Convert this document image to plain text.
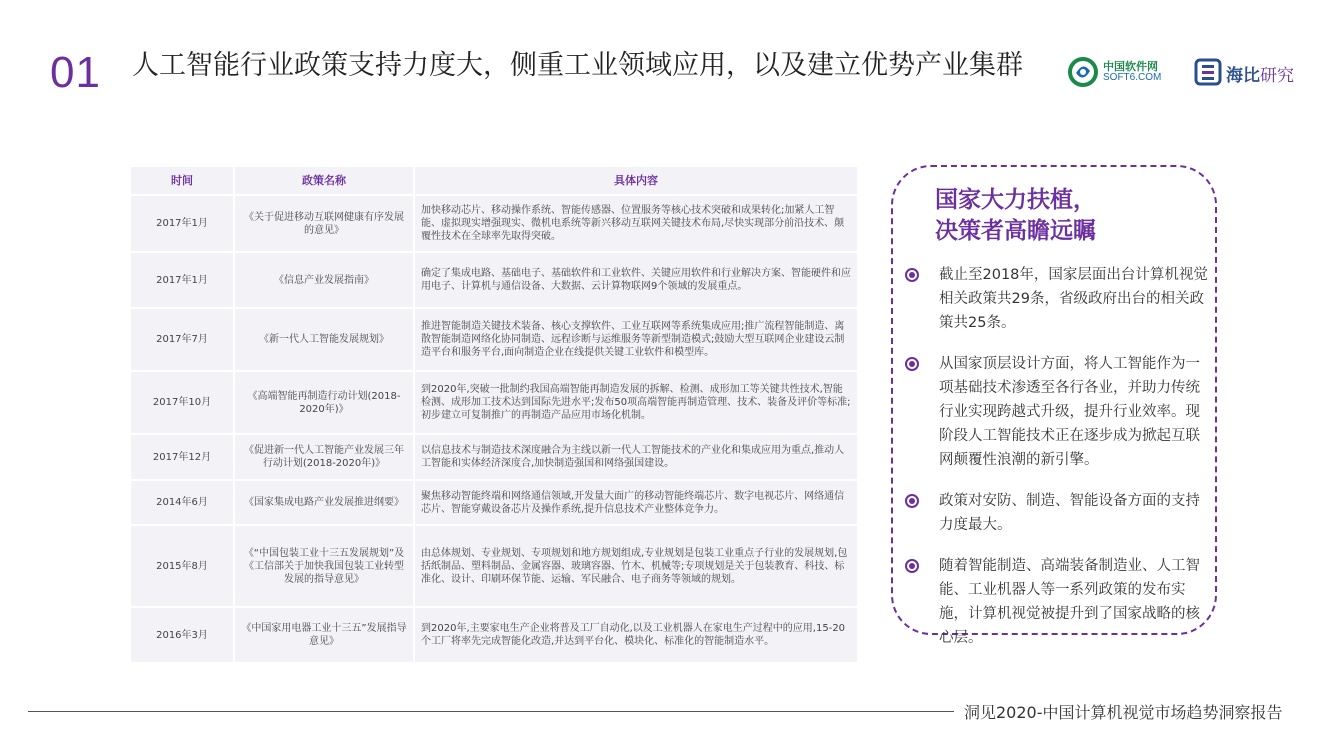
01 人工智能行业政策支持力度大，侧重工业领域应用，以及建立优势产业集群	中国软件网
SOFT6.COM	海比研究
时间	政策名称	具体内容
2017年1月	《关于促进移动互联网健康有序发展的意见》	加快移动芯片、移动操作系统、智能传感器、位置服务等核心技术突破和成果转化;加紧人工智能、虚拟现实增强现实、微机电系统等新兴移动互联网关键技术布局,尽快实现部分前沿技术、颠覆性技术在全球率先取得突破。
2017年1月	《信息产业发展指南》	确定了集成电路、基础电子、基础软件和工业软件、关键应用软件和行业解决方案、智能硬件和应用电子、计算机与通信设备、大数据、云计算物联网9个领域的发展重点。
2017年7月	《新一代人工智能发展规划》	推进智能制造关键技术装备、核心支撑软件、工业互联网等系统集成应用;推广流程智能制造、离散智能制造网络化协同制造、远程诊断与运维服务等新型制造模式;鼓励大型互联网企业建设云制造平台和服务平台,面向制造企业在线提供关键工业软件和模型库。
2017年10月	《高端智能再制造行动计划(2018-2020年)》	到2020年,突破一批制约我国高端智能再制造发展的拆解、检测、成形加工等关键共性技术,智能检测、成形加工技术达到国际先进水平;发布50项高端智能再制造管理、技术、装备及评价等标准;初步建立可复制推广的再制造产品应用市场化机制。
2017年12月	《促进新一代人工智能产业发展三年行动计划(2018-2020年)》	以信息技术与制造技术深度融合为主线以新一代人工智能技术的产业化和集成应用为重点,推动人工智能和实体经济深度合,加快制造强国和网络强国建设。
2014年6月	《国家集成电路产业发展推进纲要》	聚焦移动智能终端和网络通信领域,开发量大面广的移动智能终端芯片、数字电视芯片、网络通信芯片、智能穿戴设备芯片及操作系统,提升信息技术产业整体竞争力。
2015年8月	《“中国包装工业十三五发展规划”及《工信部关于加快我国包装工业转型发展的指导意见》	由总体规划、专业规划、专项规划和地方规划组成,专业规划是包装工业重点子行业的发展规划,包括纸制品、塑料制品、金属容器、玻璃容器、竹木、机械等;专项规划是关于包装教育、科技、标准化、设计、印刷环保节能、运输、军民融合、电子商务等领域的规划。
2016年3月	《中国家用电器工业十三五”发展指导意见》	到2020年,主要家电生产企业将普及工厂自动化,以及工业机器人在家电生产过程中的应用,15-20个工厂将率先完成智能化改造,并达到平台化、模块化、标准化的智能制造水平。
国家大力扶植，
决策者高瞻远瞩
截止至2018年，国家层面出台计算机视觉相关政策共29条，省级政府出台的相关政策共25条。
从国家顶层设计方面，将人工智能作为一项基础技术渗透至各行各业，并助力传统行业实现跨越式升级，提升行业效率。现阶段人工智能技术正在逐步成为掀起互联网颠覆性浪潮的新引擎。
政策对安防、制造、智能设备方面的支持力度最大。
随着智能制造、高端装备制造业、人工智能、工业机器人等一系列政策的发布实施，计算机视觉被提升到了国家战略的核心层。
洞见2020-中国计算机视觉市场趋势洞察报告
